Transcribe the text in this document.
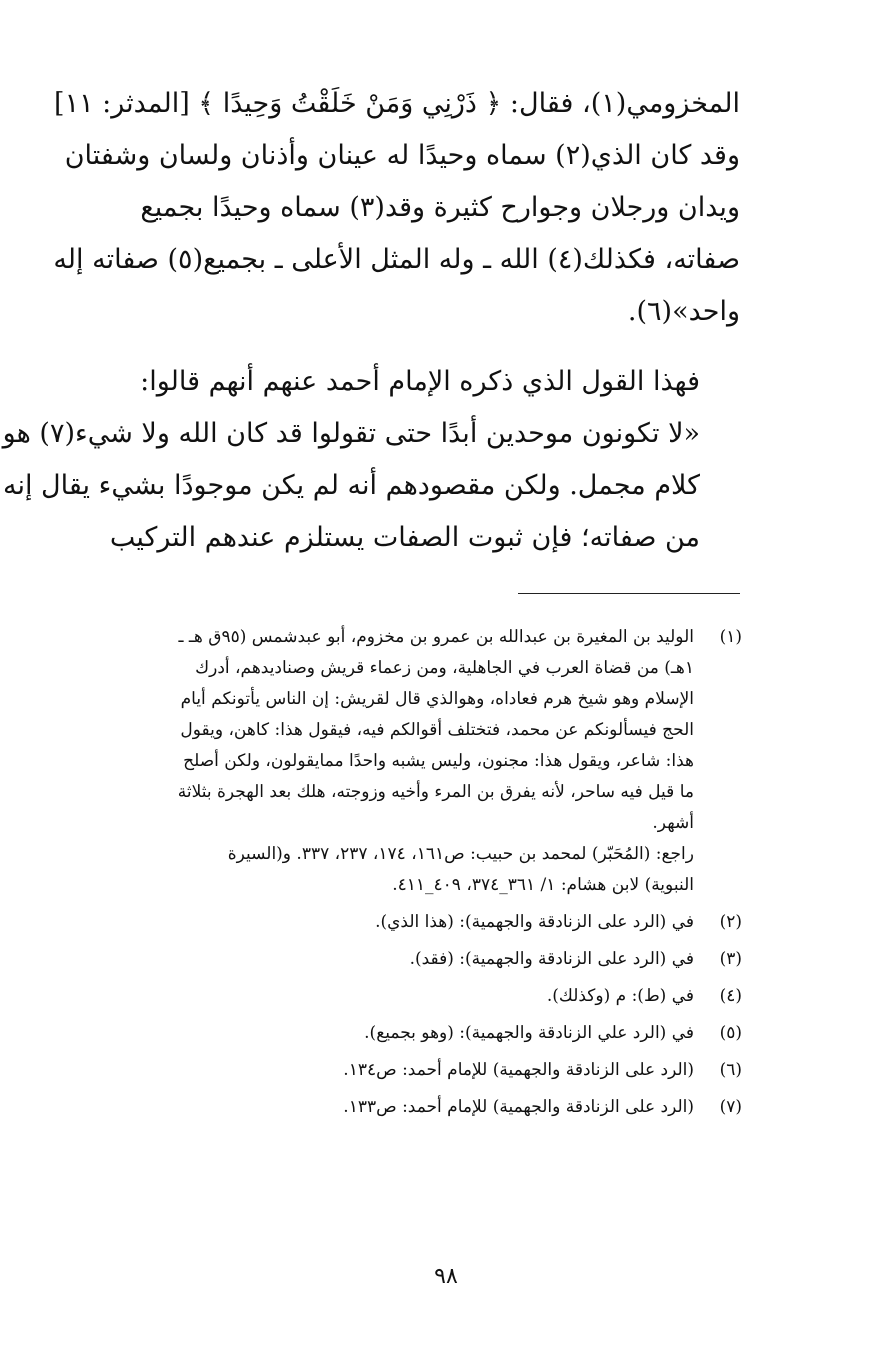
المخزومي(١)، فقال: ﴿ ذَرْنِي وَمَنْ خَلَقْتُ وَحِيدًا ﴾ [المدثر: ١١]
وقد كان الذي(٢) سماه وحيدًا له عينان وأذنان ولسان وشفتان
ويدان ورجلان وجوارح كثيرة وقد(٣) سماه وحيدًا بجميع
صفاته، فكذلك(٤) الله ـ وله المثل الأعلى ـ بجميع(٥) صفاته إله
واحد»(٦).

فهذا القول الذي ذكره الإمام أحمد عنهم أنهم قالوا:
«لا تكونون موحدين أبدًا حتى تقولوا قد كان الله ولا شيء(٧) هو
كلام مجمل. ولكن مقصودهم أنه لم يكن موجودًا بشيء يقال إنه
من صفاته؛ فإن ثبوت الصفات يستلزم عندهم التركيب

(١)
الوليد بن المغيرة بن عبدالله بن عمرو بن مخزوم، أبو عبدشمس (٩٥ق هـ ـ
١هـ) من قضاة العرب في الجاهلية، ومن زعماء قريش وصناديدهم، أدرك
الإسلام وهو شيخ هرم فعاداه، وهوالذي قال لقريش: إن الناس يأتونكم أيام
الحج فيسألونكم عن محمد، فتختلف أقوالكم فيه، فيقول هذا: كاهن، ويقول
هذا: شاعر، ويقول هذا: مجنون، وليس يشبه واحدًا ممايقولون، ولكن أصلح
ما قيل فيه ساحر، لأنه يفرق بن المرء وأخيه وزوجته، هلك بعد الهجرة بثلاثة
أشهر.
راجع: (المُحَبّر) لمحمد بن حبيب: ص١٦١، ١٧٤، ٢٣٧، ٣٣٧. و(السيرة
النبوية) لابن هشام: ١/ ٣٦١_٣٧٤، ٤٠٩_٤١١.
(٢)
في (الرد على الزنادقة والجهمية): (هذا الذي).
(٣)
في (الرد على الزنادقة والجهمية): (فقد).
(٤)
في (ط): م (وكذلك).
(٥)
في (الرد علي الزنادقة والجهمية): (وهو بجميع).
(٦)
(الرد على الزنادقة والجهمية) للإمام أحمد: ص١٣٤.
(٧)
(الرد على الزنادقة والجهمية) للإمام أحمد: ص١٣٣.
٩٨
